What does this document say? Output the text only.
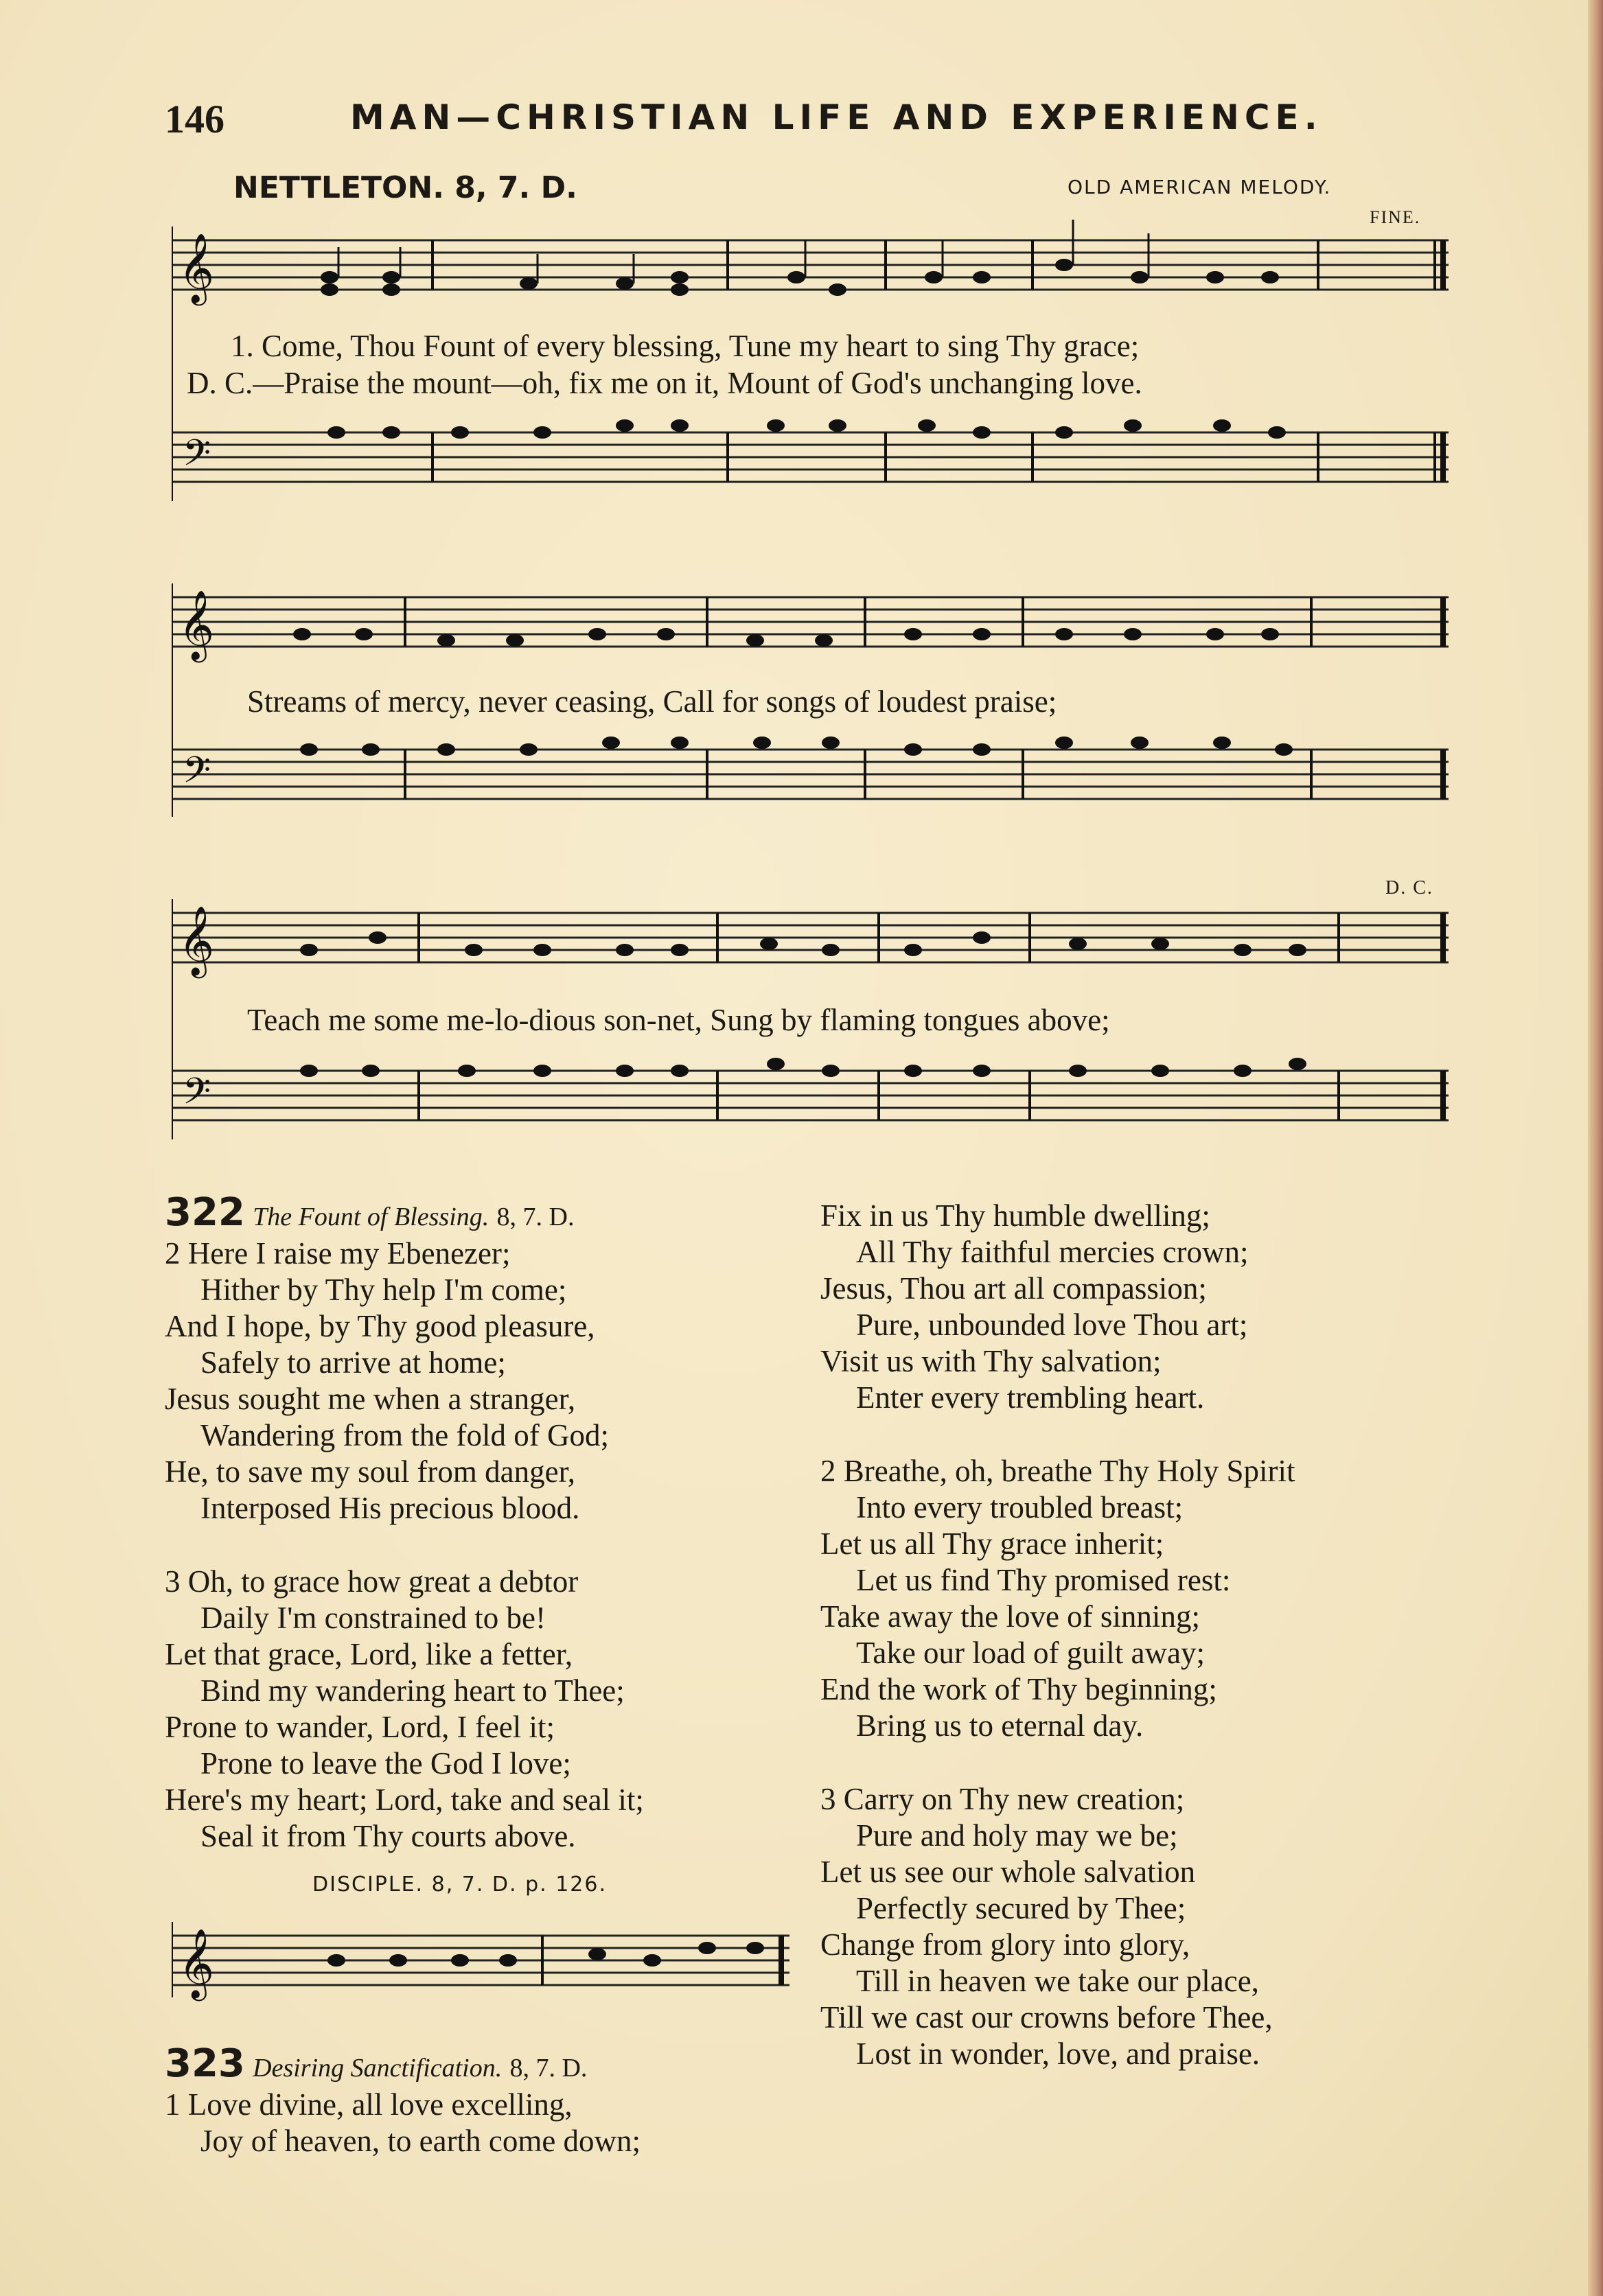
146	MAN—CHRISTIAN LIFE AND EXPERIENCE.
NETTLETON. 8, 7. D.	OLD AMERICAN MELODY.
FINE.
D. C.
𝄞
𝄢
1. Come, Thou Fount of every blessing, Tune my heart to sing Thy grace;
D. C.—Praise the mount—oh, fix me on it, Mount of God's unchanging love.
𝄞
𝄢
Streams of mercy, never ceasing, Call for songs of loudest praise;
𝄞
𝄢
Teach me some me-lo-dious son-net, Sung by flaming tongues above;
322 The Fount of Blessing. 8, 7. D.
2 Here I raise my Ebenezer;
Hither by Thy help I'm come;
And I hope, by Thy good pleasure,
Safely to arrive at home;
Jesus sought me when a stranger,
Wandering from the fold of God;
He, to save my soul from danger,
Interposed His precious blood.
3 Oh, to grace how great a debtor
Daily I'm constrained to be!
Let that grace, Lord, like a fetter,
Bind my wandering heart to Thee;
Prone to wander, Lord, I feel it;
Prone to leave the God I love;
Here's my heart; Lord, take and seal it;
Seal it from Thy courts above.
DISCIPLE. 8, 7. D. p. 126.
𝄞
323 Desiring Sanctification. 8, 7. D.
1 Love divine, all love excelling,
Joy of heaven, to earth come down;
Fix in us Thy humble dwelling;
All Thy faithful mercies crown;
Jesus, Thou art all compassion;
Pure, unbounded love Thou art;
Visit us with Thy salvation;
Enter every trembling heart.
2 Breathe, oh, breathe Thy Holy Spirit
Into every troubled breast;
Let us all Thy grace inherit;
Let us find Thy promised rest:
Take away the love of sinning;
Take our load of guilt away;
End the work of Thy beginning;
Bring us to eternal day.
3 Carry on Thy new creation;
Pure and holy may we be;
Let us see our whole salvation
Perfectly secured by Thee;
Change from glory into glory,
Till in heaven we take our place,
Till we cast our crowns before Thee,
Lost in wonder, love, and praise.
